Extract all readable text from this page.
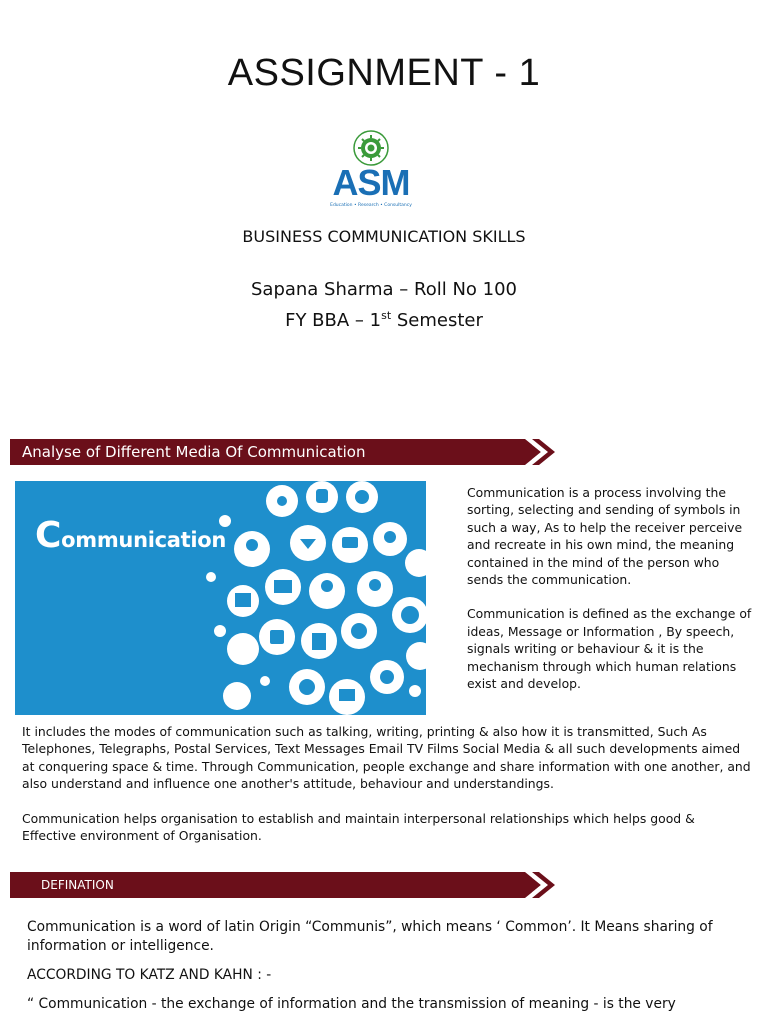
ASSIGNMENT - 1
ASM
Education • Research • Consultancy
BUSINESS COMMUNICATION SKILLS
Sapana Sharma – Roll No 100
FY BBA – 1st Semester
Analyse of Different Media Of Communication
Communication

Communication is a process involving the sorting, selecting and sending of symbols in such a way, As to help the receiver perceive and recreate in his own mind, the meaning contained in the mind of the person who sends the communication.

Communication is defined as the exchange of ideas, Message or Information , By speech, signals writing or behaviour & it is the mechanism through which human relations exist and develop.

It includes the modes of communication such as talking, writing, printing & also how it is transmitted, Such As Telephones, Telegraphs, Postal Services, Text Messages Email TV Films Social Media & all such developments aimed at conquering space & time. Through Communication, people exchange and share information with one another, and also understand and influence one another's attitude, behaviour and understandings.

Communication helps organisation to establish and maintain interpersonal relationships which helps good & Effective environment of Organisation.

DEFINATION

Communication is a word of latin Origin “Communis”, which means ‘ Common’. It Means sharing of information or intelligence.

ACCORDING TO KATZ AND KAHN : -

“ Communication - the exchange of information and the transmission of meaning - is the very
